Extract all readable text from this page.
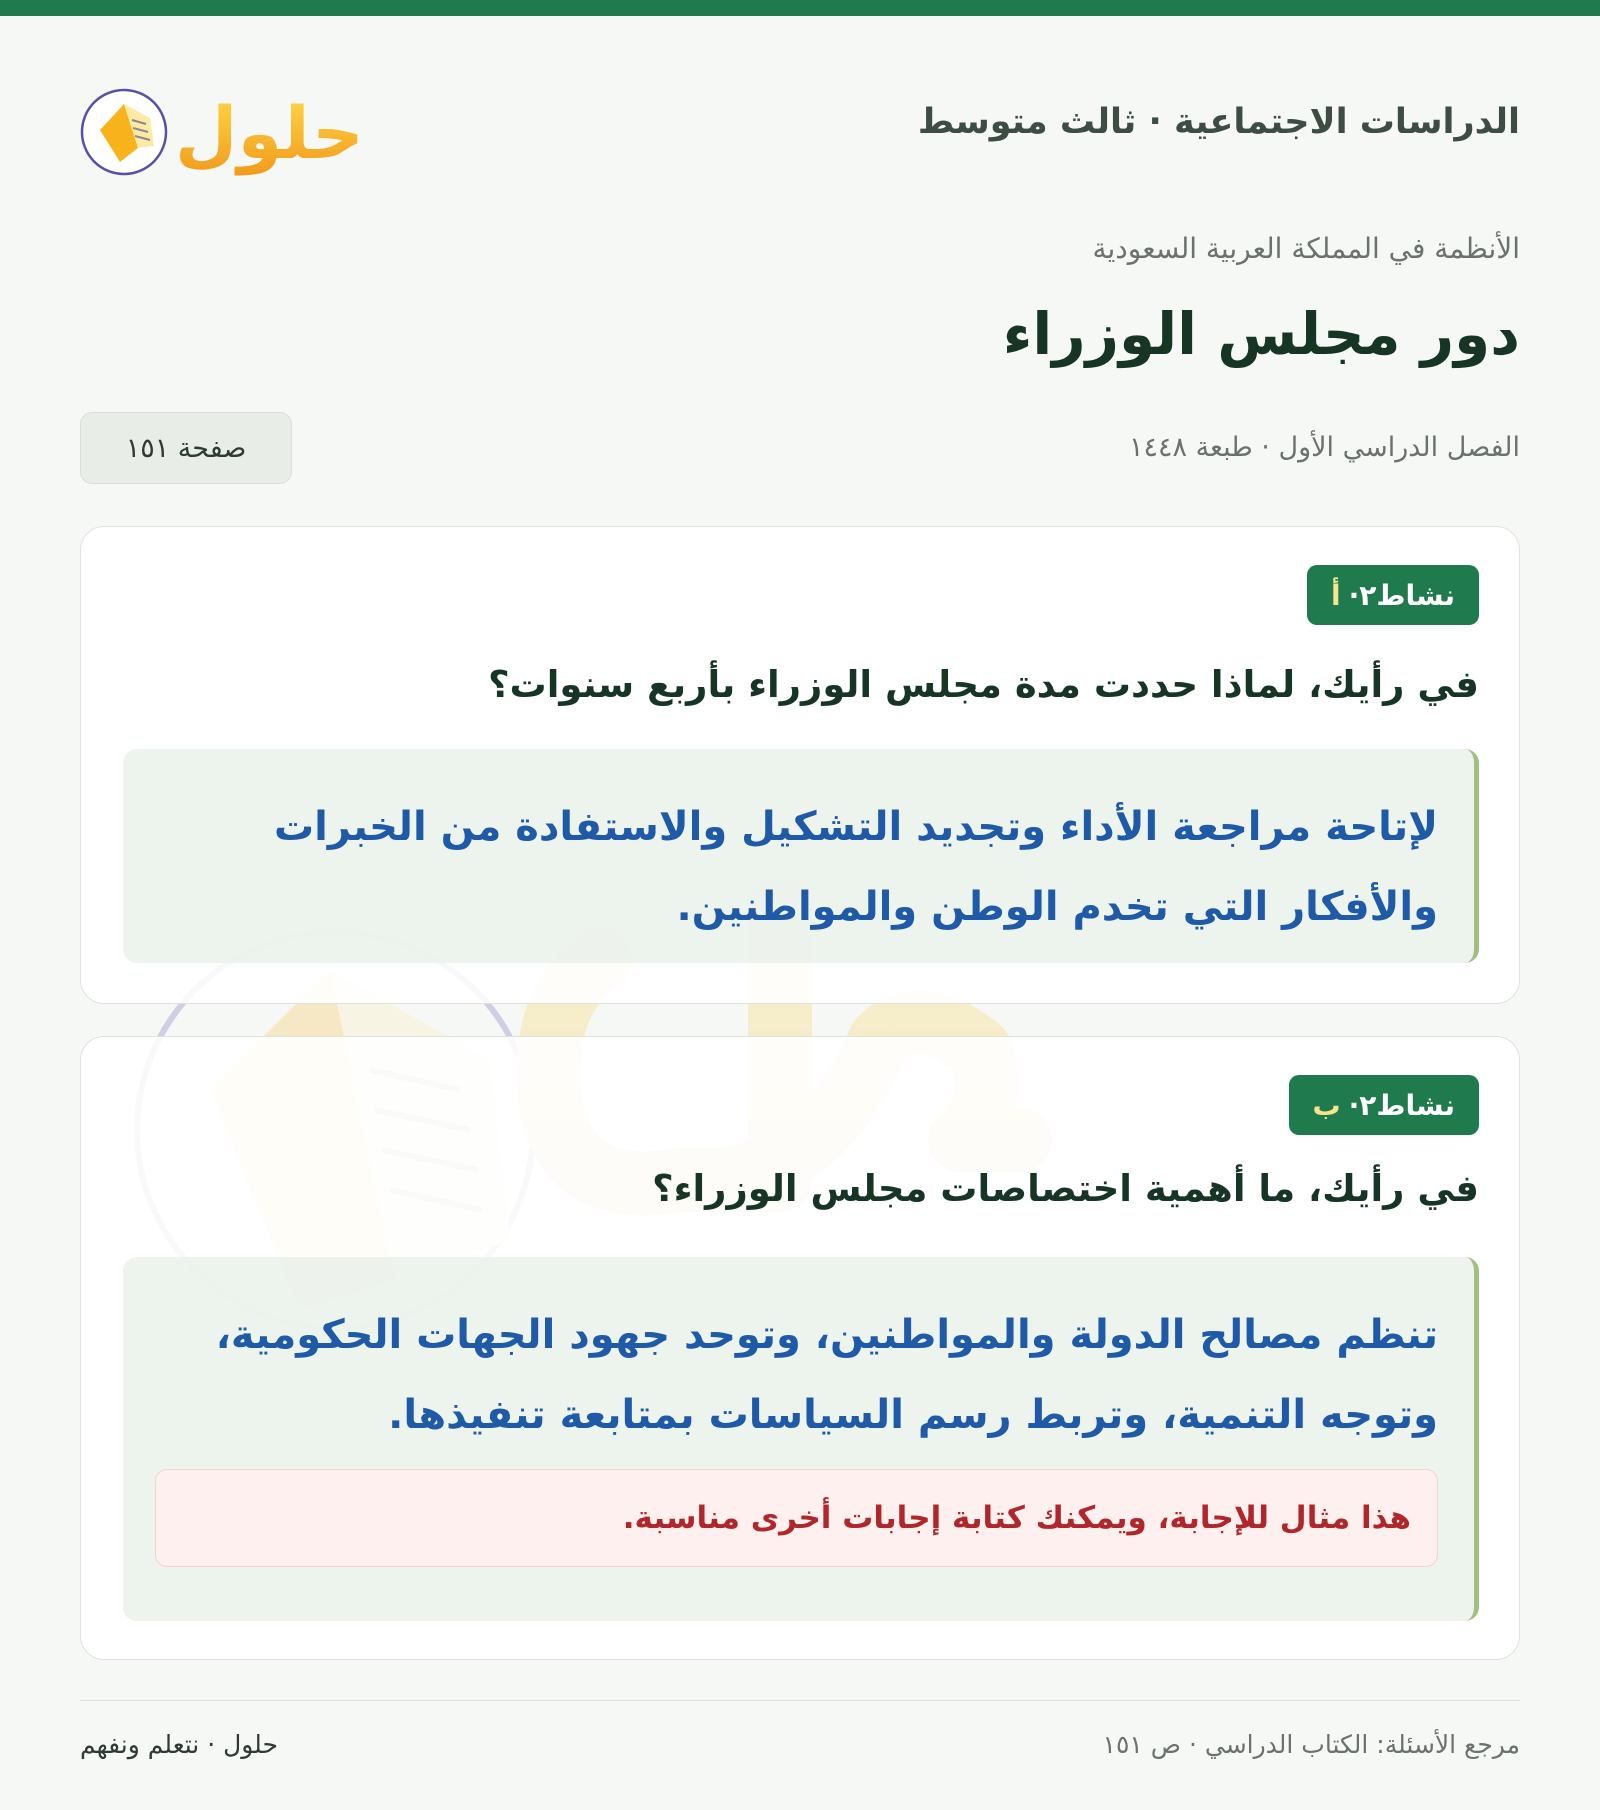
الدراسات الاجتماعية · ثالث متوسط
حلول
الأنظمة في المملكة العربية السعودية
دور مجلس الوزراء
الفصل الدراسي الأول · طبعة ١٤٤٨
صفحة ١٥١
نشاط٢·
أ
في رأيك، لماذا حددت مدة مجلس الوزراء بأربع سنوات؟
لإتاحة مراجعة الأداء وتجديد التشكيل والاستفادة من الخبرات والأفكار التي تخدم الوطن والمواطنين.
نشاط٢·
ب
في رأيك، ما أهمية اختصاصات مجلس الوزراء؟
تنظم مصالح الدولة والمواطنين، وتوحد جهود الجهات الحكومية، وتوجه التنمية، وتربط رسم السياسات بمتابعة تنفيذها.
هذا مثال للإجابة، ويمكنك كتابة إجابات أخرى مناسبة.
مرجع الأسئلة: الكتاب الدراسي · ص ١٥١
حلول · نتعلم ونفهم
